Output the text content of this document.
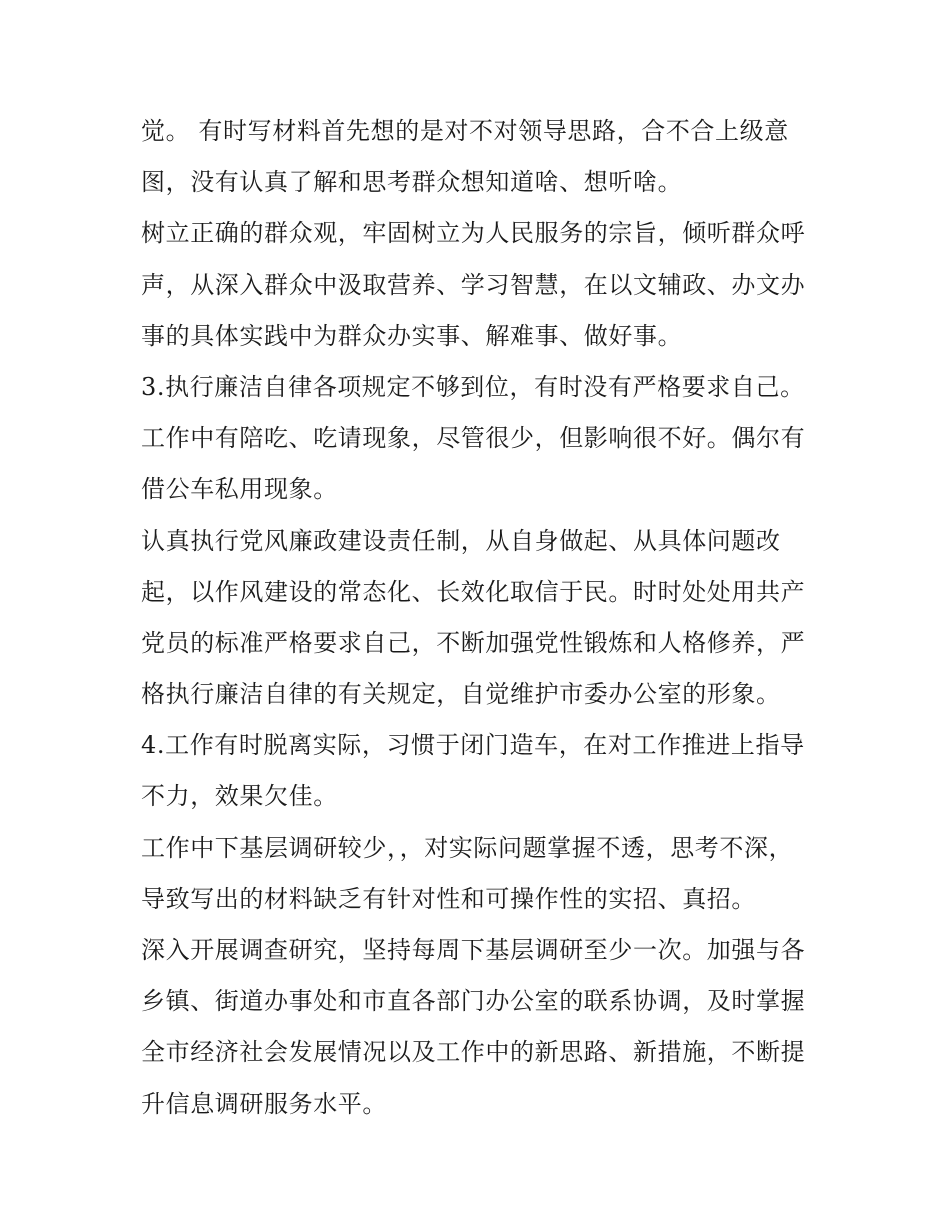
觉。 有时写材料首先想的是对不对领导思路，合不合上级意
图，没有认真了解和思考群众想知道啥、想听啥。
树立正确的群众观，牢固树立为人民服务的宗旨，倾听群众呼
声，从深入群众中汲取营养、学习智慧，在以文辅政、办文办
事的具体实践中为群众办实事、解难事、做好事。
3.执行廉洁自律各项规定不够到位，有时没有严格要求自己。
工作中有陪吃、吃请现象，尽管很少，但影响很不好。偶尔有
借公车私用现象。
认真执行党风廉政建设责任制，从自身做起、从具体问题改
起，以作风建设的常态化、长效化取信于民。时时处处用共产
党员的标准严格要求自己，不断加强党性锻炼和人格修养，严
格执行廉洁自律的有关规定，自觉维护市委办公室的形象。
4.工作有时脱离实际，习惯于闭门造车，在对工作推进上指导
不力，效果欠佳。
工作中下基层调研较少，，对实际问题掌握不透，思考不深，
导致写出的材料缺乏有针对性和可操作性的实招、真招。
深入开展调查研究，坚持每周下基层调研至少一次。加强与各
乡镇、街道办事处和市直各部门办公室的联系协调，及时掌握
全市经济社会发展情况以及工作中的新思路、新措施，不断提
升信息调研服务水平。
